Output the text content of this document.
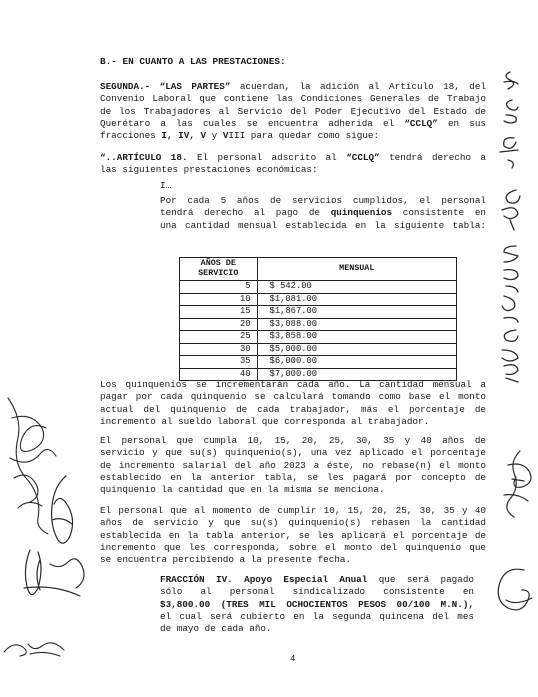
B.- EN CUANTO A LAS PRESTACIONES:
SEGUNDA.- “LAS PARTES” acuerdan, la adición al Artículo 18, del
Convenio Laboral que contiene las Condiciones Generales de Trabajo
de los Trabajadores al Servicio del Poder Ejecutivo del Estado de
Querétaro a las cuales se encuentra adherida el “CCLQ” en sus
fracciones I, IV, V y VIII para quedar como sigue:
“..ARTÍCULO 18. El personal adscrito al “CCLQ” tendrá derecho a
las siguientes prestaciones económicas:
I…
Por cada 5 años de servicios cumplidos, el personal
tendrá derecho al pago de quinquenios consistente en
una cantidad mensual establecida en la siguiente tabla:
AÑOS DE SERVICIO	MENSUAL
5	$ 542.00
10	$1,081.00
15	$1,867.00
20	$3,088.00
25	$3,858.00
30	$5,000.00
35	$6,000.00
40	$7,000.00
Los quinquenios se incrementarán cada año. La cantidad mensual a
pagar por cada quinquenio se calculará tomando como base el monto
actual del quinquenio de cada trabajador, más el porcentaje de
incremento al sueldo laboral que corresponda al trabajador.
El personal que cumpla 10, 15, 20, 25, 30, 35 y 40 años de
servicio y que su(s) quinquenio(s), una vez aplicado el porcentaje
de incremento salarial del año 2023 a éste, no rebase(n) el monto
establecido en la anterior tabla, se les pagará por concepto de
quinquenio la cantidad que en la misma se menciona.
El personal que al momento de cumplir 10, 15, 20, 25, 30, 35 y 40
años de servicio y que su(s) quinquenio(s) rebasen la cantidad
establecida en la tabla anterior, se les aplicará el porcentaje de
incremento que les corresponda, sobre el monto del quinquenio que
se encuentra percibiendo a la presente fecha.
FRACCIÓN IV. Apoyo Especial Anual que será pagado
sólo al personal sindicalizado consistente en
$3,800.00 (TRES MIL OCHOCIENTOS PESOS 00/100 M.N.),
el cual será cubierto en la segunda quincena del mes
de mayo de cada año.
4
